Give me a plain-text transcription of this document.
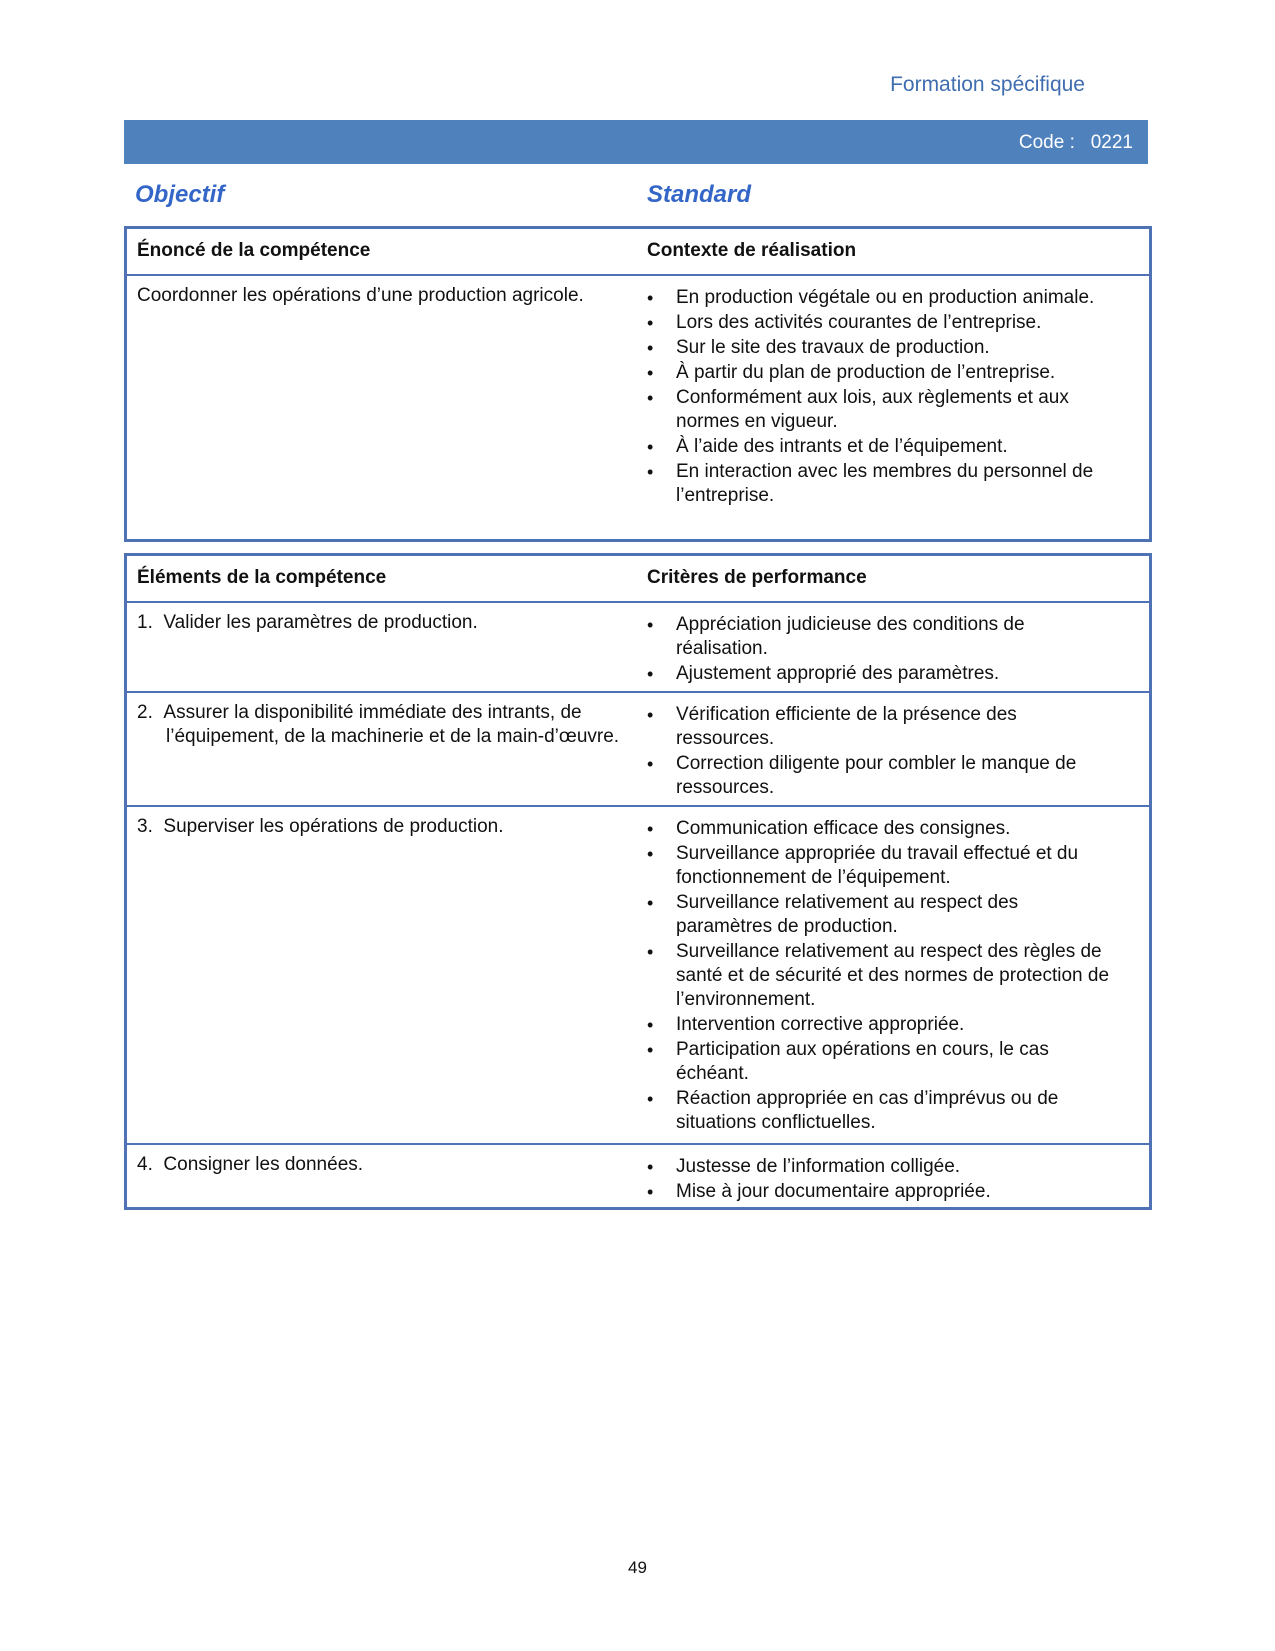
Formation spécifique
Code : 0221
Objectif	Standard
Énoncé de la compétence	Contexte de réalisation
Coordonner les opérations d’une production agricole.	• En production végétale ou en production animale.
• Lors des activités courantes de l’entreprise.
• Sur le site des travaux de production.
• À partir du plan de production de l’entreprise.
• Conformément aux lois, aux règlements et aux normes en vigueur.
• À l’aide des intrants et de l’équipement.
• En interaction avec les membres du personnel de l’entreprise.
Éléments de la compétence	Critères de performance
1.  Valider les paramètres de production.	• Appréciation judicieuse des conditions de réalisation.
• Ajustement approprié des paramètres.
2.  Assurer la disponibilité immédiate des intrants, de l’équipement, de la machinerie et de la main-d’œuvre.
• Vérification efficiente de la présence des ressources.
• Correction diligente pour combler le manque de ressources.
3.  Superviser les opérations de production.	• Communication efficace des consignes.
• Surveillance appropriée du travail effectué et du fonctionnement de l’équipement.
• Surveillance relativement au respect des paramètres de production.
• Surveillance relativement au respect des règles de santé et de sécurité et des normes de protection de l’environnement.
• Intervention corrective appropriée.
• Participation aux opérations en cours, le cas échéant.
• Réaction appropriée en cas d’imprévus ou de situations conflictuelles.
4.  Consigner les données.	• Justesse de l’information colligée.
• Mise à jour documentaire appropriée.
49
